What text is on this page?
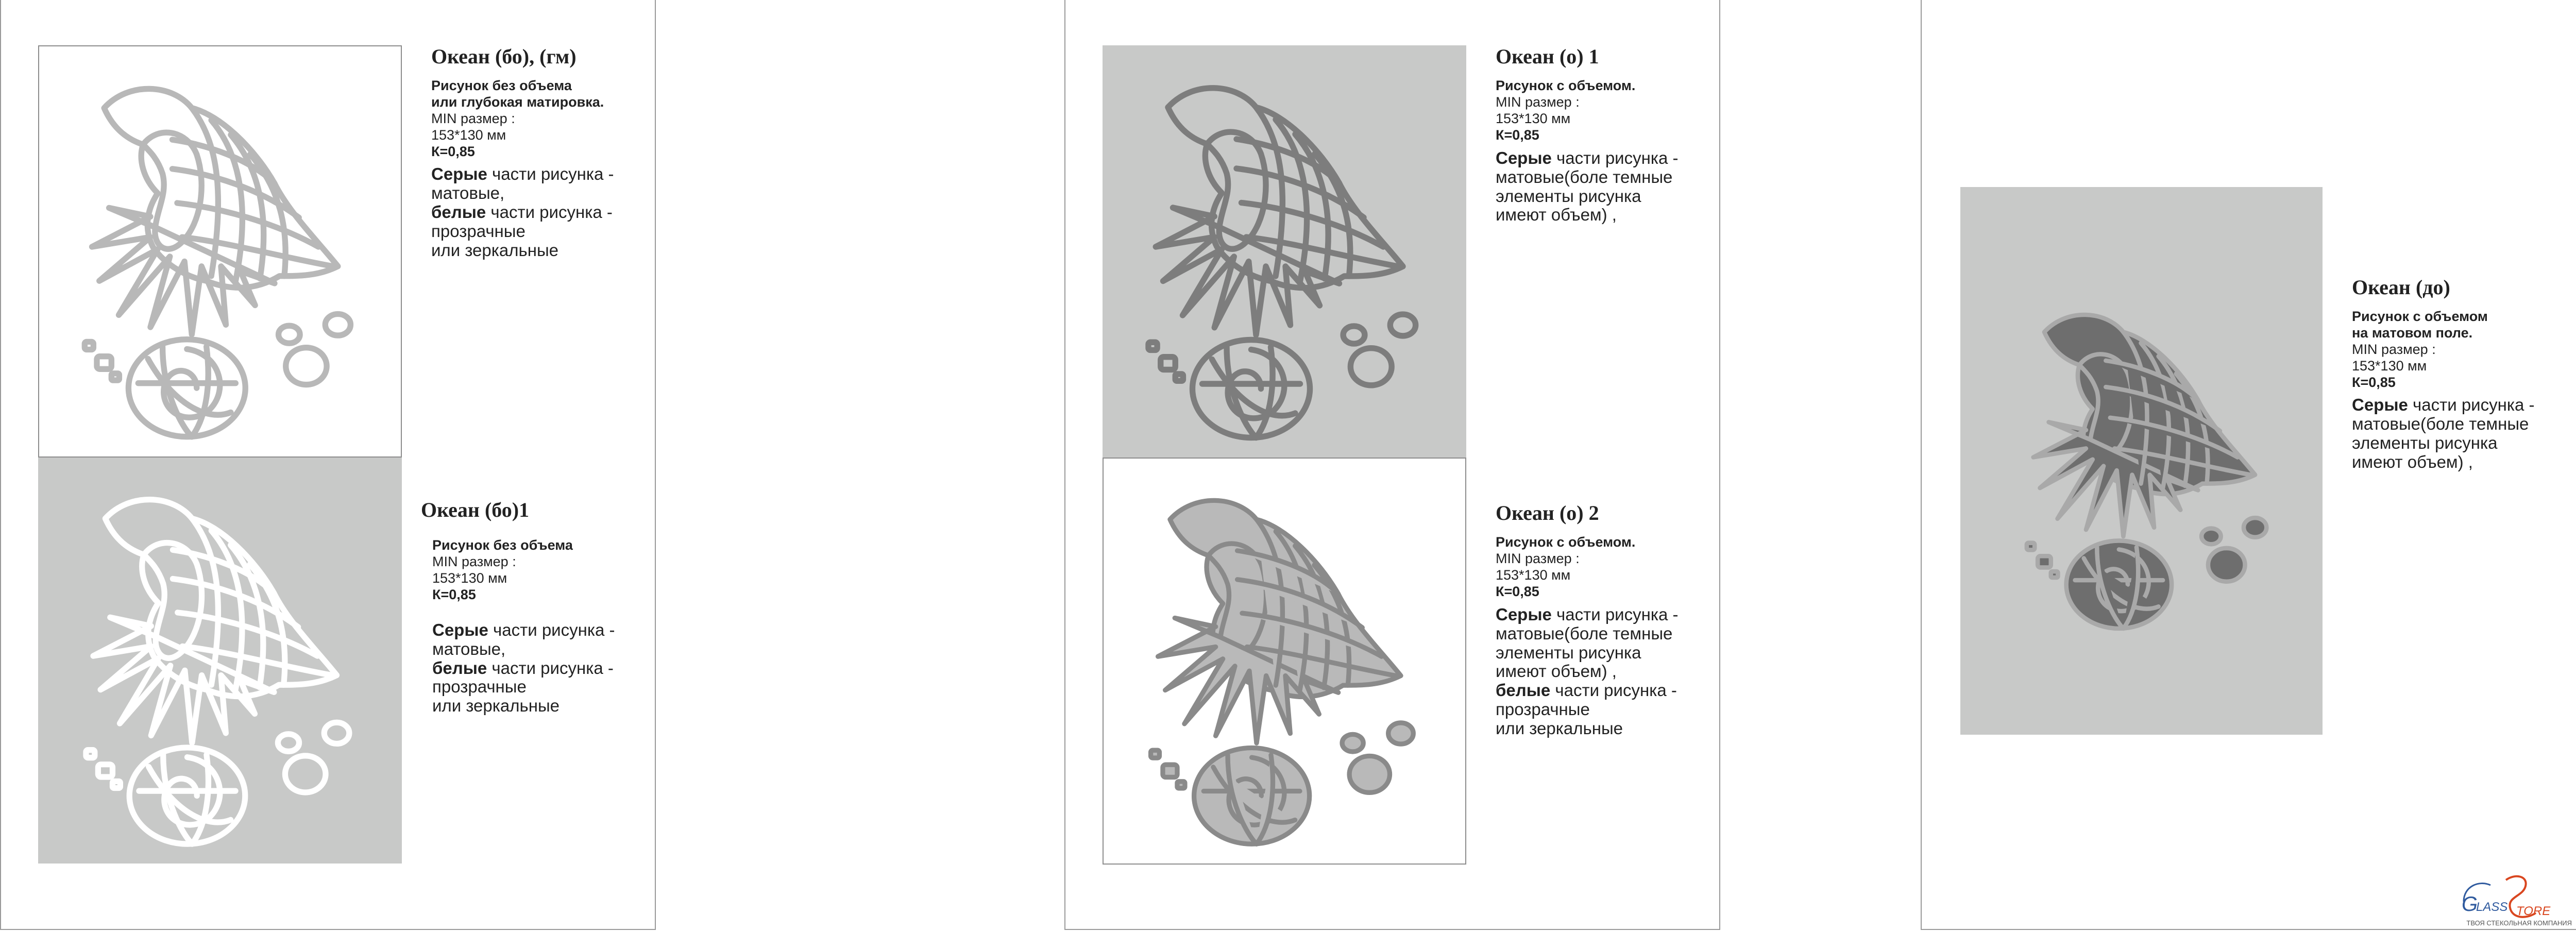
Океан (бо), (гм)
Рисунок без объема
или глубокая матировка.
MIN размер :
153*130 мм
К=0,85
Серые части рисунка -
матовые,
белые части рисунка -
прозрачные
или зеркальные
Океан (бо)1
Рисунок без объема
MIN размер :
153*130 мм
К=0,85
Серые части рисунка -
матовые,
белые части рисунка -
прозрачные
или зеркальные
Океан (о) 1
Рисунок с объемом.
MIN размер :
153*130 мм
К=0,85
Серые части рисунка -
матовые(боле темные
элементы рисунка
имеют объем) ,
Океан (о) 2
Рисунок с объемом.
MIN размер :
153*130 мм
К=0,85
Серые части рисунка -
матовые(боле темные
элементы рисунка
имеют объем) ,
белые части рисунка -
прозрачные
или зеркальные
Океан (до)
Рисунок с объемом
на матовом поле.
MIN размер :
153*130 мм
К=0,85
Серые части рисунка -
матовые(боле темные
элементы рисунка
имеют объем) ,
G
LASS TORE
ТВОЯ СТЕКОЛЬНАЯ КОМПАНИЯ
